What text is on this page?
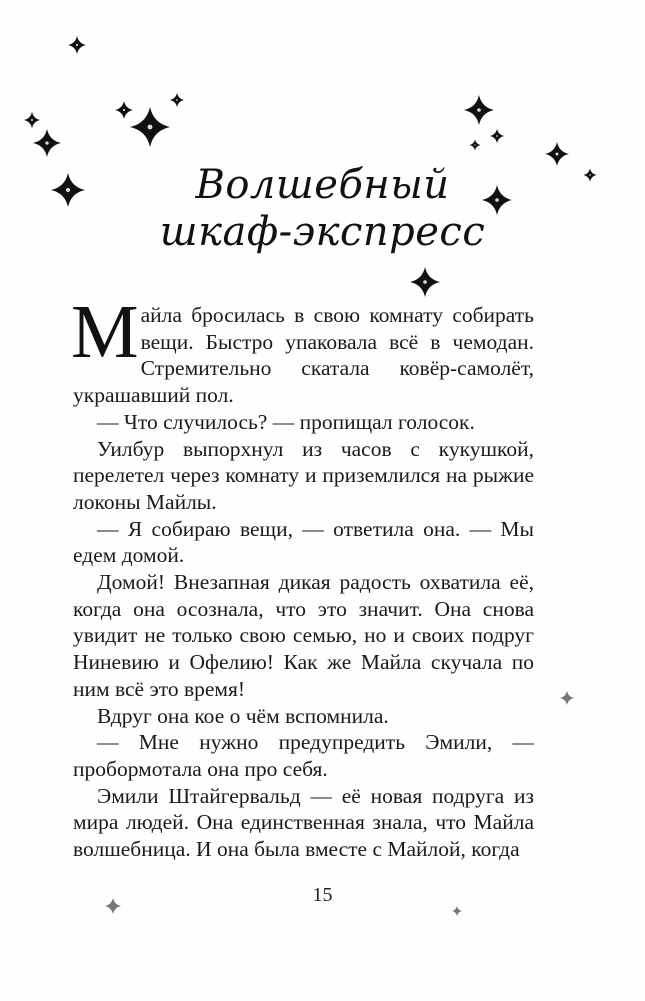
Волшебный
шкаф-экспресс

Майла бросилась в свою комнату собирать вещи. Быстро упаковала всё в чемодан. Стремительно скатала ковёр-самолёт, украшавший пол.

— Что случилось? — пропищал голосок.

Уилбур выпорхнул из часов с кукушкой, перелетел через комнату и приземлился на рыжие локоны Майлы.

— Я собираю вещи, — ответила она. — Мы едем домой.

Домой! Внезапная дикая радость охватила её, когда она осознала, что это значит. Она снова увидит не только свою семью, но и своих подруг Ниневию и Офелию! Как же Майла скучала по ним всё это время!

Вдруг она кое о чём вспомнила.

— Мне нужно предупредить Эмили, — пробормотала она про себя.

Эмили Штайгервальд — её новая подруга из мира людей. Она единственная знала, что Майла волшебница. И она была вместе с Майлой, когда

15
